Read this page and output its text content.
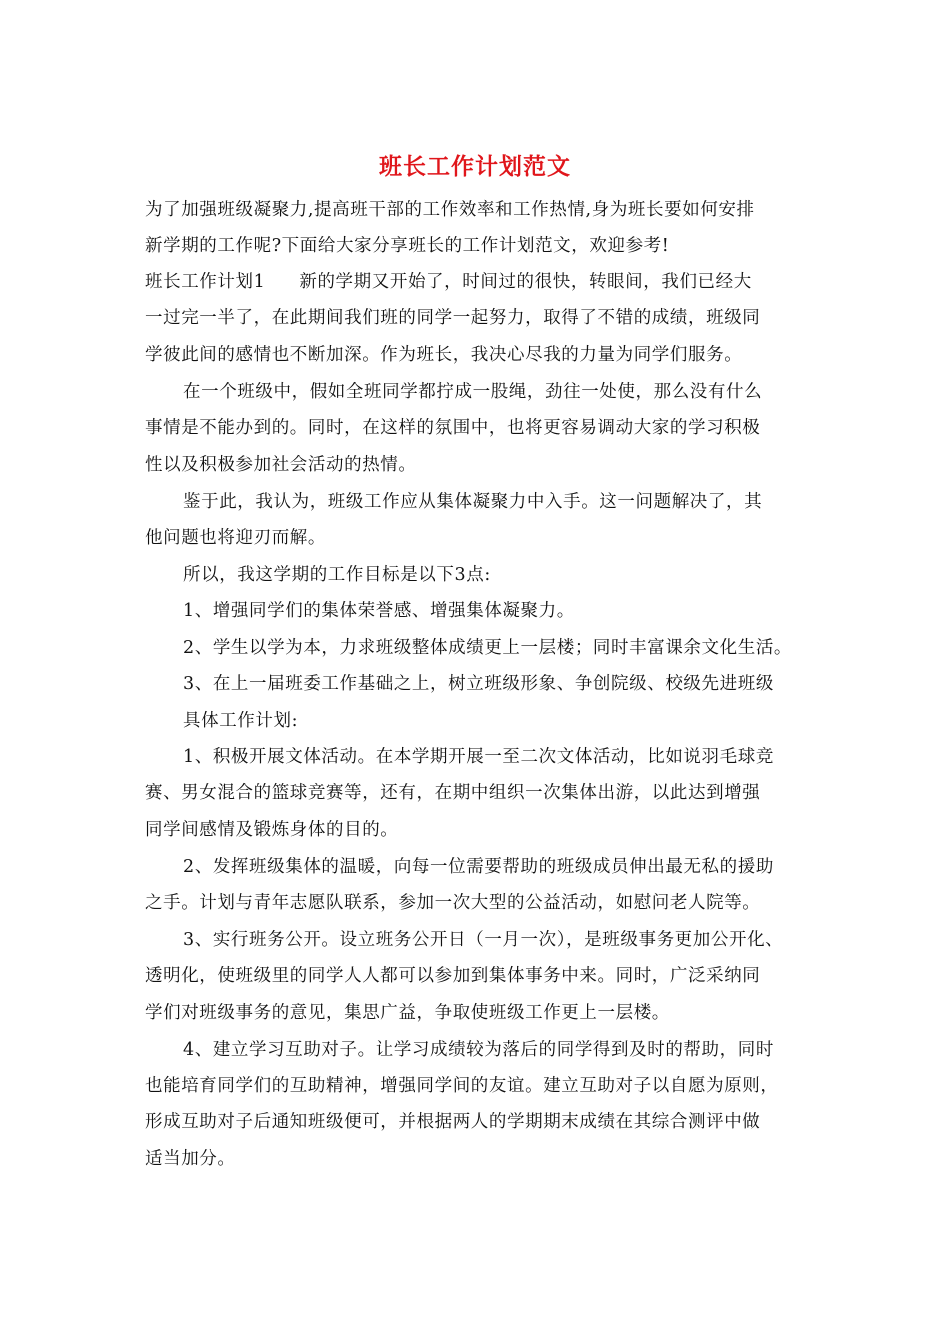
班长工作计划范文
为了加强班级凝聚力,提高班干部的工作效率和工作热情,身为班长要如何安排
新学期的工作呢?下面给大家分享班长的工作计划范文，欢迎参考!
班长工作计划1 新的学期又开始了，时间过的很快，转眼间，我们已经大
一过完一半了，在此期间我们班的同学一起努力，取得了不错的成绩，班级同
学彼此间的感情也不断加深。作为班长，我决心尽我的力量为同学们服务。
在一个班级中，假如全班同学都拧成一股绳，劲往一处使，那么没有什么
事情是不能办到的。同时，在这样的氛围中，也将更容易调动大家的学习积极
性以及积极参加社会活动的热情。
鉴于此，我认为，班级工作应从集体凝聚力中入手。这一问题解决了，其
他问题也将迎刃而解。
所以，我这学期的工作目标是以下3点:
1、增强同学们的集体荣誉感、增强集体凝聚力。
2、学生以学为本，力求班级整体成绩更上一层楼；同时丰富课余文化生活。
3、在上一届班委工作基础之上，树立班级形象、争创院级、校级先进班级
具体工作计划:
1、积极开展文体活动。在本学期开展一至二次文体活动，比如说羽毛球竞
赛、男女混合的篮球竞赛等，还有，在期中组织一次集体出游，以此达到增强
同学间感情及锻炼身体的目的。
2、发挥班级集体的温暖，向每一位需要帮助的班级成员伸出最无私的援助
之手。计划与青年志愿队联系，参加一次大型的公益活动，如慰问老人院等。
3、实行班务公开。设立班务公开日（一月一次），是班级事务更加公开化、
透明化，使班级里的同学人人都可以参加到集体事务中来。同时，广泛采纳同
学们对班级事务的意见，集思广益，争取使班级工作更上一层楼。
4、建立学习互助对子。让学习成绩较为落后的同学得到及时的帮助，同时
也能培育同学们的互助精神，增强同学间的友谊。建立互助对子以自愿为原则，
形成互助对子后通知班级便可，并根据两人的学期期末成绩在其综合测评中做
适当加分。
